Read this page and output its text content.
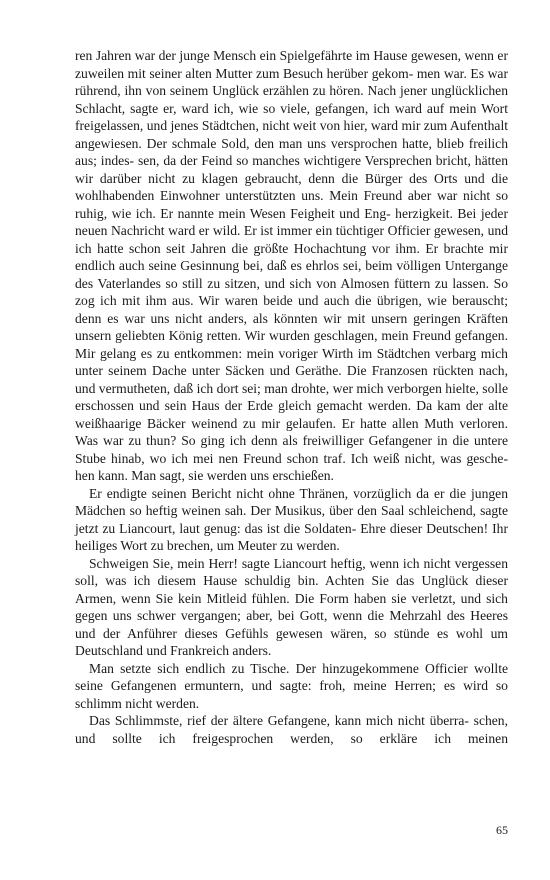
ren Jahren war der junge Mensch ein Spielgefährte im Hause gewesen, wenn er zuweilen mit seiner alten Mutter zum Besuch herüber gekom- men war. Es war rührend, ihn von seinem Unglück erzählen zu hören. Nach jener unglücklichen Schlacht, sagte er, ward ich, wie so viele, gefangen, ich ward auf mein Wort freigelassen, und jenes Städtchen, nicht weit von hier, ward mir zum Aufenthalt angewiesen. Der schmale Sold, den man uns versprochen hatte, blieb freilich aus; indes- sen, da der Feind so manches wichtigere Versprechen bricht, hätten wir darüber nicht zu klagen gebraucht, denn die Bürger des Orts und die wohlhabenden Einwohner unterstützten uns. Mein Freund aber war nicht so ruhig, wie ich. Er nannte mein Wesen Feigheit und Eng- herzigkeit. Bei jeder neuen Nachricht ward er wild. Er ist immer ein tüchtiger Officier gewesen, und ich hatte schon seit Jahren die größte Hochachtung vor ihm. Er brachte mir endlich auch seine Gesinnung bei, daß es ehrlos sei, beim völligen Untergange des Vaterlandes so still zu sitzen, und sich von Almosen füttern zu lassen. So zog ich mit ihm aus. Wir waren beide und auch die übrigen, wie berauscht; denn es war uns nicht anders, als könnten wir mit unsern geringen Kräften unsern geliebten König retten. Wir wurden geschlagen, mein Freund gefangen. Mir gelang es zu entkommen: mein voriger Wirth im Städtchen verbarg mich unter seinem Dache unter Säcken und Geräthe. Die Franzosen rückten nach, und vermutheten, daß ich dort sei; man drohte, wer mich verborgen hielte, solle erschossen und sein Haus der Erde gleich gemacht werden. Da kam der alte weißhaarige Bäcker weinend zu mir gelaufen. Er hatte allen Muth verloren. Was war zu thun? So ging ich denn als freiwilliger Gefangener in die untere Stube hinab, wo ich mei nen Freund schon traf. Ich weiß nicht, was gesche- hen kann. Man sagt, sie werden uns erschießen.

Er endigte seinen Bericht nicht ohne Thränen, vorzüglich da er die jungen Mädchen so heftig weinen sah. Der Musikus, über den Saal schleichend, sagte jetzt zu Liancourt, laut genug: das ist die Soldaten- Ehre dieser Deutschen! Ihr heiliges Wort zu brechen, um Meuter zu werden.

Schweigen Sie, mein Herr! sagte Liancourt heftig, wenn ich nicht vergessen soll, was ich diesem Hause schuldig bin. Achten Sie das Unglück dieser Armen, wenn Sie kein Mitleid fühlen. Die Form haben sie verletzt, und sich gegen uns schwer vergangen; aber, bei Gott, wenn die Mehrzahl des Heeres und der Anführer dieses Gefühls gewesen wären, so stünde es wohl um Deutschland und Frankreich anders.

Man setzte sich endlich zu Tische. Der hinzugekommene Officier wollte seine Gefangenen ermuntern, und sagte: froh, meine Herren; es wird so schlimm nicht werden.

Das Schlimmste, rief der ältere Gefangene, kann mich nicht überra- schen, und sollte ich freigesprochen werden, so erkläre ich meinen

65
